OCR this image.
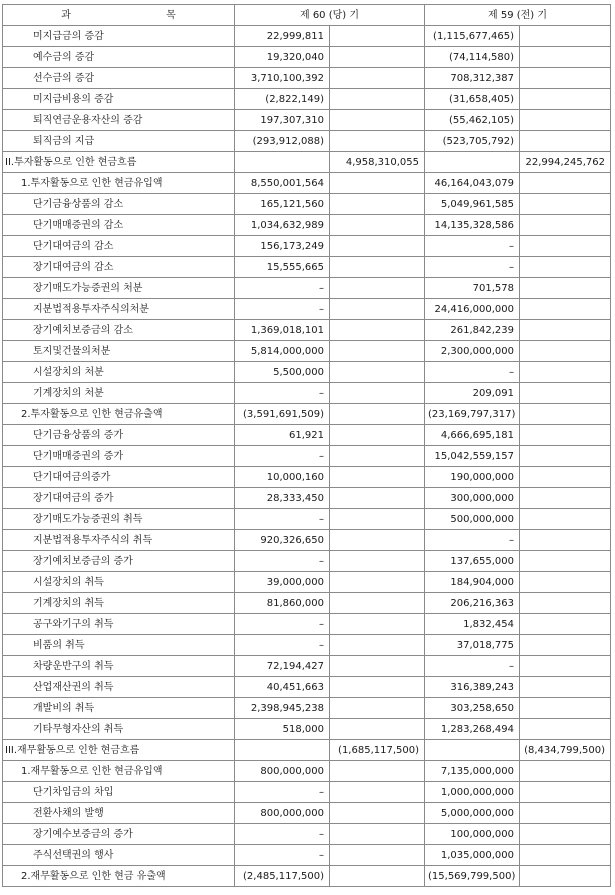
과 목	제 60 (당) 기		제 59 (전) 기	
미지급금의 증감	22,999,811		(1,115,677,465)	
예수금의 증감	19,320,040		(74,114,580)	
선수금의 증감	3,710,100,392		708,312,387	
미지급비용의 증감	(2,822,149)		(31,658,405)	
퇴직연금운용자산의 증감	197,307,310		(55,462,105)	
퇴직금의 지급	(293,912,088)		(523,705,792)	
II.투자활동으로 인한 현금흐름		4,958,310,055		22,994,245,762
1.투자활동으로 인한 현금유입액	8,550,001,564		46,164,043,079	
단기금융상품의 감소	165,121,560		5,049,961,585	
단기매매증권의 감소	1,034,632,989		14,135,328,586	
단기대여금의 감소	156,173,249		–	
장기대여금의 감소	15,555,665		–	
장기매도가능증권의 처분	–		701,578	
지분법적용투자주식의처분	–		24,416,000,000	
장기예치보증금의 감소	1,369,018,101		261,842,239	
토지및건물의처분	5,814,000,000		2,300,000,000	
시설장치의 처분	5,500,000		–	
기계장치의 처분	–		209,091	
2.투자활동으로 인한 현금유출액	(3,591,691,509)		(23,169,797,317)	
단기금융상품의 증가	61,921		4,666,695,181	
단기매매증권의 증가	–		15,042,559,157	
단기대여금의증가	10,000,160		190,000,000	
장기대여금의 증가	28,333,450		300,000,000	
장기매도가능증권의 취득	–		500,000,000	
지분법적용투자주식의 취득	920,326,650		–	
장기예치보증금의 증가	–		137,655,000	
시설장치의 취득	39,000,000		184,904,000	
기계장치의 취득	81,860,000		206,216,363	
공구와기구의 취득	–		1,832,454	
비품의 취득	–		37,018,775	
차량운반구의 취득	72,194,427		–	
산업재산권의 취득	40,451,663		316,389,243	
개발비의 취득	2,398,945,238		303,258,650	
기타무형자산의 취득	518,000		1,283,268,494	
III.재무활동으로 인한 현금흐름		(1,685,117,500)		(8,434,799,500)
1.재무활동으로 인한 현금유입액	800,000,000		7,135,000,000	
단기차입금의 차입	–		1,000,000,000	
전환사채의 발행	800,000,000		5,000,000,000	
장기예수보증금의 증가	–		100,000,000	
주식선택권의 행사	–		1,035,000,000	
2.재무활동으로 인한 현금 유출액	(2,485,117,500)		(15,569,799,500)	
